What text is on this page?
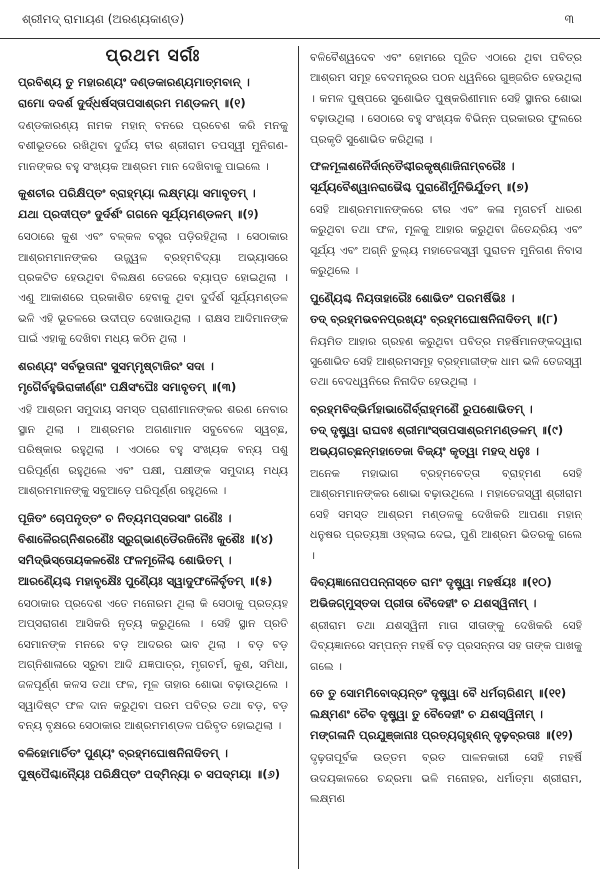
ଶ୍ରୀମଦ୍ ରାମାୟଣ (ଅରଣ୍ୟକାଣ୍ଡ)	୩
ପ୍ରଥମ ସର୍ଗଃ

ପ୍ରବିଶ୍ୟ ତୁ ମହାରଣ୍ୟଂ ଦଣ୍ଡକାରଣ୍ୟମାତ୍ମବାନ୍ ।

ରାମୋ ଦଦର୍ଶ ଦୁର୍ଦ୍ଧର୍ଷସ୍ତାପସାଶ୍ରମ ମଣ୍ଡଳମ୍ ॥(୧)

ଦଣ୍ଡକାରଣ୍ୟ ନାମକ ମହାନ୍ ବନରେ ପ୍ରବେଶ କରି ମନକୁ ବଶୀଭୂତରେ ରଖିଥିବା ଦୁର୍ଜୟ ବୀର ଶ୍ରୀରାମ ତପସ୍ୱୀ ମୁନିଗଣ-ମାନଙ୍କର ବହୁ ସଂଖ୍ୟକ ଆଶ୍ରମ ମାନ ଦେଖିବାକୁ ପାଇଲେ ।

କୁଶଚୀର ପରିକ୍ଷିପ୍ତଂ ବ୍ରାହ୍ମ୍ୟା ଲକ୍ଷ୍ମ୍ୟା ସମାବୃତମ୍ ।

ଯଥା ପ୍ରଦୀପ୍ତଂ ଦୁର୍ଦର୍ଶଂ ଗଗନେ ସୂର୍ଯ୍ୟମଣ୍ଡଳମ୍ ॥(୨)

ସେଠାରେ କୁଶ ଏବଂ ବଳ୍କଳ ବସ୍ତ୍ର ପଡ଼ିରହିଥିଲା । ସେଠାକାର ଆଶ୍ରମମାନଙ୍କର ଉଜ୍ଜ୍ୱଳ ବ୍ରହ୍ମବିଦ୍ୟା ଅଭ୍ୟାସରେ ପ୍ରକଟିତ ହେଉଥିବା ବିଲକ୍ଷଣ ତେଜରେ ବ୍ୟାପ୍ତ ହୋଇଥିଲା । ଏଣୁ ଆକାଶରେ ପ୍ରକାଶିତ ହେବାକୁ ଥିବା ଦୁର୍ଦର୍ଶ ସୂର୍ଯ୍ୟମଣ୍ଡଳ ଭଳି ଏହି ଭୂତଳରେ ଉଦୀପ୍ତ ଦେଖାଉଥିଲା । ରାକ୍ଷସ ଆଦିମାନଙ୍କ ପାଇଁ ଏହାକୁ ଦେଖିବା ମଧ୍ୟ କଠିନ ଥିଲା ।

ଶରଣ୍ୟଂ ସର୍ବଭୂତାନାଂ ସୁସମ୍ମୃଷ୍ଟାଜିରଂ ସଦା ।

ମୃଗୈର୍ବହୁଭିରାକୀର୍ଣ୍ଣଂ ପକ୍ଷିସଂଘୈଃ ସମାବୃତମ୍ ॥(୩)

ଏହି ଆଶ୍ରମ ସମୁଦାୟ ସମସ୍ତ ପ୍ରାଣୀମାନଙ୍କର ଶରଣ ନେବାର ସ୍ଥାନ ଥିଲା । ଆଶ୍ରମର ଅଗଣାମାନ ସବୁବେଳେ ସ୍ୱଚ୍ଛ, ପରିଷ୍କାର ରହୁଥିଲା । ଏଠାରେ ବହୁ ସଂଖ୍ୟକ ବନ୍ୟ ପଶୁ ପରିପୂର୍ଣ୍ଣ ରହୁଥିଲେ ଏବଂ ପକ୍ଷୀ, ପକ୍ଷୀଙ୍କ ସମୁଦାୟ ମଧ୍ୟ ଆଶ୍ରମମାନଙ୍କୁ ସବୁଆଡ଼େ ପରିପୂର୍ଣ୍ଣ ରହୁଥିଲେ ।

ପୂଜିତଂ ଚୋପନୃତ୍ତଂ ଚ ନିତ୍ୟମପ୍ସରସାଂ ଗଣୈଃ ।

ବିଶାଳୈରଗ୍ନିଶରଣୈଃ ସ୍ରୁଗ୍‌ଭାଣ୍ଡୈରଜିନୈଃ କୁଶୈଃ ॥(୪)

ସମିଦ୍ଭିସ୍ତୋୟକଳଶୈଃ ଫଳମୂଳୈଶ୍ଚ ଶୋଭିତମ୍ ।

ଆରଣ୍ୟୈଶ୍ଚ ମହାବୃକ୍ଷୈଃ ପୁଣ୍ୟୈଃ ସ୍ୱାଦୁଫଳୈର୍ବୃତମ୍ ॥(୫)

ସେଠାକାର ପ୍ରଦେଶ ଏତେ ମନୋରମ ଥିଲା କି ସେଠାକୁ ପ୍ରତ୍ୟହ ଅପ୍ସରାଗଣ ଆସିକରି ନୃତ୍ୟ କରୁଥିଲେ । ସେହି ସ୍ଥାନ ପ୍ରତି ସେମାନଙ୍କ ମନରେ ବଡ଼ ଆଦରର ଭାବ ଥିଲା । ବଡ଼ ବଡ଼ ଅଗ୍ନିଶାଳାରେ ସ୍ରୁବା ଆଦି ଯଜ୍ଞପାତ୍ର, ମୃଗଚର୍ମ, କୁଶ, ସମିଧା, ଜଳପୂର୍ଣ୍ଣ କଳସ ତଥା ଫଳ, ମୂଳ ତାହାର ଶୋଭା ବଢ଼ାଉଥିଲେ । ସ୍ୱାଦିଷ୍ଟ ଫଳ ଦାନ କରୁଥିବା ପରମ ପବିତ୍ର ତଥା ବଡ଼, ବଡ଼ ବନ୍ୟ ବୃକ୍ଷରେ ସେଠାକାର ଆଶ୍ରମମଣ୍ଡଳ ପରିବୃତ ହୋଇଥିଲା ।

ବଳିହୋମାର୍ଚିତଂ ପୁଣ୍ୟଂ ବ୍ରହ୍ମଘୋଷନିନାଦିତମ୍ ।

ପୁଷ୍ପୈଶ୍ଚାନ୍ୟୈଃ ପରିକ୍ଷିପ୍ତଂ ପଦ୍ମିନ୍ୟା ଚ ସପଦ୍ମୟା ॥(୬)

ବଳିବୈଶ୍ୱଦେବ ଏବଂ ହୋମରେ ପୂଜିତ ଏଠାରେ ଥିବା ପବିତ୍ର ଆଶ୍ରମ ସମୂହ ବେଦମନ୍ତ୍ରର ପଠନ ଧ୍ୱନିରେ ଗୁଞ୍ଜରିତ ହେଉଥିଲା । କମଳ ପୁଷ୍ପରେ ସୁଶୋଭିତ ପୁଷ୍କରିଣୀମାନ ସେହି ସ୍ଥାନର ଶୋଭା ବଢ଼ାଉଥିଲା । ସେଠାରେ ବହୁ ସଂଖ୍ୟକ ବିଭିନ୍ନ ପ୍ରକାରର ଫୁଲରେ ପ୍ରକୃତି ସୁଶୋଭିତ କରିଥିଲା ।

ଫଳମୂଳାଶନୈର୍ଦାନ୍ତୈଶ୍ଚୀରକୃଷ୍ଣାଜିନାମ୍ବରୈଃ ।

ସୂର୍ଯ୍ୟବୈଶ୍ୱାନରାଭୈଶ୍ଚ ପୁରାଣୈର୍ମୁନିଭିର୍ଯୁତମ୍ ॥(୭)

ସେହି ଆଶ୍ରମମାନଙ୍କରେ ଚୀର ଏବଂ କଳା ମୃଗଚର୍ମ ଧାରଣ କରୁଥିବା ତଥା ଫଳ, ମୂଳକୁ ଆହାର କରୁଥିବା ଜିତେନ୍ଦ୍ରିୟ ଏବଂ ସୂର୍ଯ୍ୟ ଏବଂ ଅଗ୍ନି ତୁଲ୍ୟ ମହାତେଜସ୍ୱୀ ପୁରାତନ ମୁନିଗଣ ନିବାସ କରୁଥିଲେ ।

ପୁଣ୍ୟୈଶ୍ଚ ନିୟତାହାରୈଃ ଶୋଭିତଂ ପରମର୍ଷିଭିଃ ।

ତଦ୍ ବ୍ରହ୍ମଭବନପ୍ରଖ୍ୟଂ ବ୍ରହ୍ମଘୋଷନିନାଦିତମ୍ ॥(୮)

ନିୟମିତ ଆହାର ଗ୍ରହଣ କରୁଥିବା ପବିତ୍ର ମହର୍ଷିମାନଙ୍କଦ୍ୱାରା ସୁଶୋଭିତ ସେହି ଆଶ୍ରମସମୂହ ବ୍ରହ୍ମାଜୀଙ୍କ ଧାମ ଭଳି ତେଜସ୍ୱୀ ତଥା ବେଦଧ୍ୱନିରେ ନିନାଦିତ ହେଉଥିଲା ।

ବ୍ରହ୍ମବିଦ୍ଭିର୍ମହାଭାଗୈର୍ବ୍ରାହ୍ମଣୈ ରୁପଶୋଭିତମ୍ ।

ତଦ୍ ଦୃଷ୍ଟ୍ୱା ରାଘବଃ ଶ୍ରୀମାଂସ୍ତାପସାଶ୍ରମମଣ୍ଡଳମ୍ ॥(୯)

ଅଭ୍ୟଗଚ୍ଛନ୍ମହାତେଜା ବିଜ୍ୟଂ କୃତ୍ୱା ମହଦ୍ ଧନୁଃ ।

ଅନେକ ମହାଭାଗ ବ୍ରହ୍ମବେତ୍ତା ବ୍ରାହ୍ମଣ ସେହି ଆଶ୍ରମମାନଙ୍କର ଶୋଭା ବଢ଼ାଉଥିଲେ । ମହାତେଜସ୍ୱୀ ଶ୍ରୀରାମ ସେହି ସମସ୍ତ ଆଶ୍ରମ ମଣ୍ଡଳକୁ ଦେଖିକରି ଆପଣା ମହାନ୍ ଧନୁଷର ପ୍ରତ୍ୟଞ୍ଚା ଓହ୍ଲାଇ ଦେଇ, ପୁଣି ଆଶ୍ରମ ଭିତରକୁ ଗଲେ ।

ଦିବ୍ୟଜ୍ଞାନୋପପନ୍ନାସ୍ତେ ରାମଂ ଦୃଷ୍ଟ୍ୱା ମହର୍ଷୟଃ ॥(୧୦)

ଅଭିଜଗ୍ମୁସ୍ତଦା ପ୍ରୀତା ବୈଦେହୀଂ ଚ ଯଶସ୍ୱିନୀମ୍ ।

ଶ୍ରୀରାମ ତଥା ଯଶସ୍ୱିନୀ ମାତା ସୀତାଙ୍କୁ ଦେଖିକରି ସେହି ଦିବ୍ୟଜ୍ଞାନରେ ସମ୍ପନ୍ନ ମହର୍ଷି ବଡ଼ ପ୍ରସନ୍ନତା ସହ ତାଙ୍କ ପାଖକୁ ଗଲେ ।

ତେ ତୁ ସୋମମିବୋଦ୍ୟନ୍ତଂ ଦୃଷ୍ଟ୍ୱା ବୈ ଧର୍ମଚାରିଣମ୍ ॥(୧୧)

ଲକ୍ଷ୍ମଣଂ ଚୈବ ଦୃଷ୍ଟ୍ୱା ତୁ ବୈଦେହୀଂ ଚ ଯଶସ୍ୱିନୀମ୍ ।

ମଙ୍ଗଳାନି ପ୍ରଯୁଞ୍ଜାନାଃ ପ୍ରତ୍ୟଗୃହ୍ଣନ୍ ଦୃଢ଼ବ୍ରତାଃ ॥(୧୨)

ଦୃଢ଼ତାପୂର୍ବକ ଉତ୍ତମ ବ୍ରତ ପାଳନକାରୀ ସେହି ମହର୍ଷି ଉଦୟକାଳରେ ଚନ୍ଦ୍ରମା ଭଳି ମନୋହର, ଧର୍ମାତ୍ମା ଶ୍ରୀରାମ, ଲକ୍ଷ୍ମଣ
